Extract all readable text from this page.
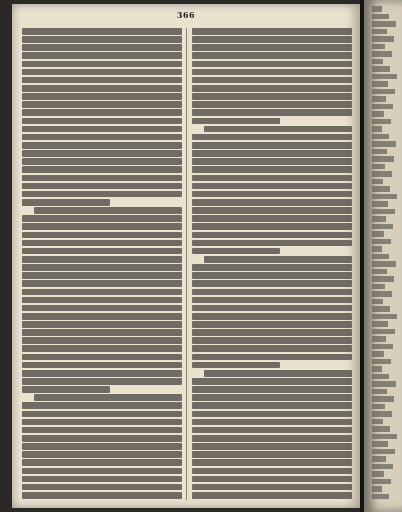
366
